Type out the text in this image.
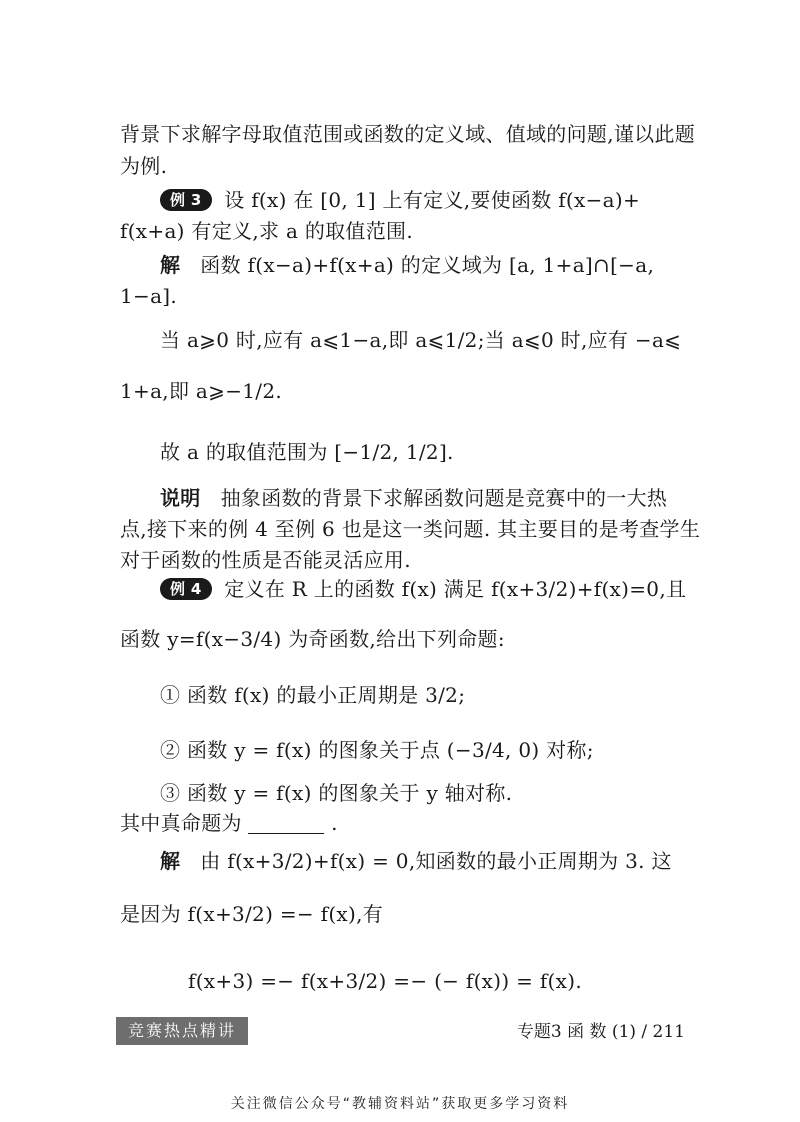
背景下求解字母取值范围或函数的定义域、值域的问题,谨以此题
为例.
例 3 设 f(x) 在 [0, 1] 上有定义,要使函数 f(x−a)+
f(x+a) 有定义,求 a 的取值范围.
解 函数 f(x−a)+f(x+a) 的定义域为 [a, 1+a]∩[−a,
1−a].
当 a⩾0 时,应有 a⩽1−a,即 a⩽1/2;当 a⩽0 时,应有 −a⩽
1+a,即 a⩾−1/2.
故 a 的取值范围为 [−1/2, 1/2].
说明 抽象函数的背景下求解函数问题是竞赛中的一大热
点,接下来的例 4 至例 6 也是这一类问题. 其主要目的是考查学生
对于函数的性质是否能灵活应用.
例 4 定义在 R 上的函数 f(x) 满足 f(x+3/2)+f(x)=0,且
函数 y=f(x−3/4) 为奇函数,给出下列命题:
① 函数 f(x) 的最小正周期是 3/2;
② 函数 y = f(x) 的图象关于点 (−3/4, 0) 对称;
③ 函数 y = f(x) 的图象关于 y 轴对称.
其中真命题为	.
解 由 f(x+3/2)+f(x) = 0,知函数的最小正周期为 3. 这
是因为 f(x+3/2) =− f(x),有
f(x+3) =− f(x+3/2) =− (− f(x)) = f(x).
竞赛热点精讲	专题3 函 数 (1) / 211
关注微信公众号“教辅资料站”获取更多学习资料
